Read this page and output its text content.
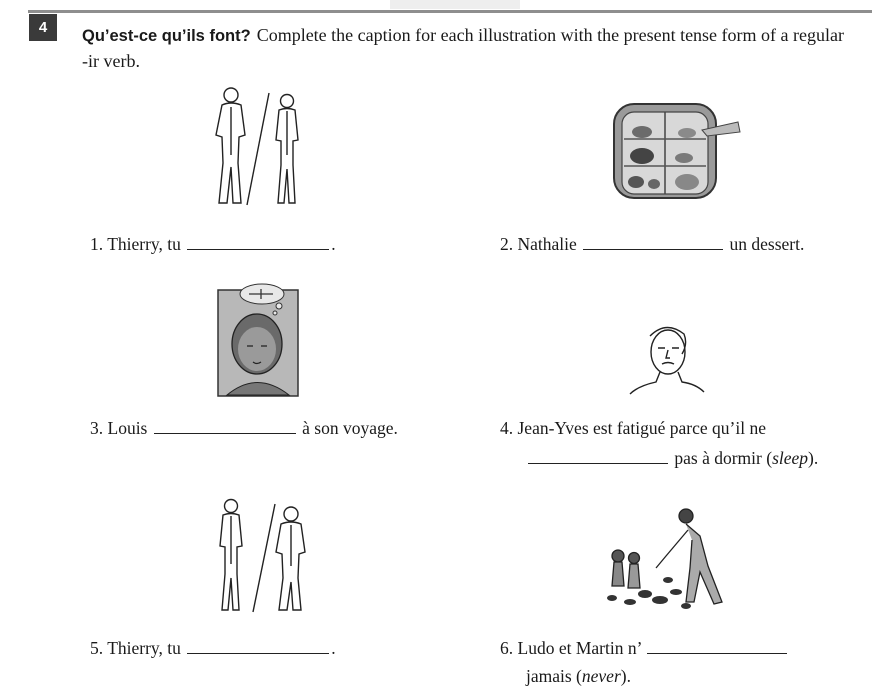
4 Qu’est-ce qu’ils font? Complete the caption for each illustration with the present tense form of a regular -ir verb.
1. Thierry, tu	.	2. Nathalie	un dessert.
3. Louis	à son voyage.	4. Jean-Yves est fatigué parce qu’il ne
pas à dormir (sleep).
5. Thierry, tu	.	6. Ludo et Martin n’
jamais (never).
